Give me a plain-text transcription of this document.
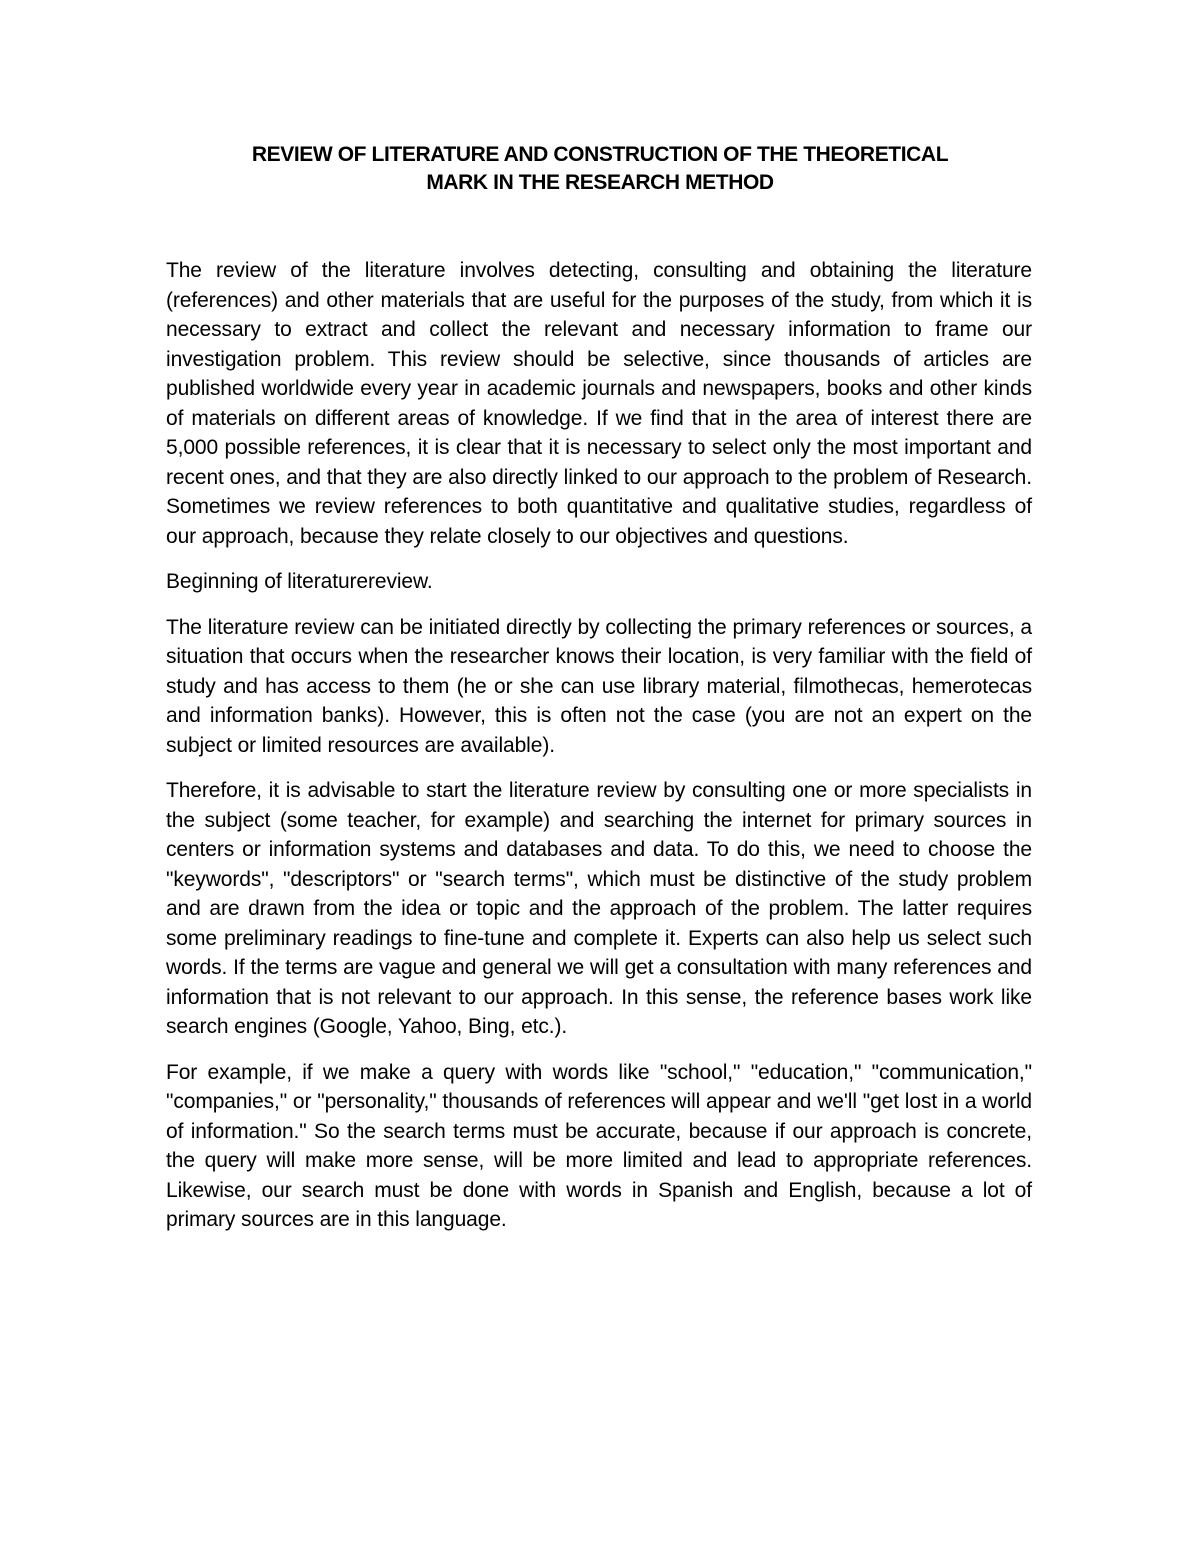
REVIEW OF LITERATURE AND CONSTRUCTION OF THE THEORETICAL
MARK IN THE RESEARCH METHOD

The review of the literature involves detecting, consulting and obtaining the literature (references) and other materials that are useful for the purposes of the study, from which it is necessary to extract and collect the relevant and necessary information to frame our investigation problem. This review should be selective, since thousands of articles are published worldwide every year in academic journals and newspapers, books and other kinds of materials on different areas of knowledge. If we find that in the area of interest there are 5,000 possible references, it is clear that it is necessary to select only the most important and recent ones, and that they are also directly linked to our approach to the problem of Research. Sometimes we review references to both quantitative and qualitative studies, regardless of our approach, because they relate closely to our objectives and questions.

Beginning of literaturereview.

The literature review can be initiated directly by collecting the primary references or sources, a situation that occurs when the researcher knows their location, is very familiar with the field of study and has access to them (he or she can use library material, filmothecas, hemerotecas and information banks). However, this is often not the case (you are not an expert on the subject or limited resources are available).

Therefore, it is advisable to start the literature review by consulting one or more specialists in the subject (some teacher, for example) and searching the internet for primary sources in centers or information systems and databases and data. To do this, we need to choose the "keywords", "descriptors" or "search terms", which must be distinctive of the study problem and are drawn from the idea or topic and the approach of the problem. The latter requires some preliminary readings to fine-tune and complete it. Experts can also help us select such words. If the terms are vague and general we will get a consultation with many references and information that is not relevant to our approach. In this sense, the reference bases work like search engines (Google, Yahoo, Bing, etc.).

For example, if we make a query with words like "school," "education," "communication," "companies," or "personality," thousands of references will appear and we'll "get lost in a world of information." So the search terms must be accurate, because if our approach is concrete, the query will make more sense, will be more limited and lead to appropriate references. Likewise, our search must be done with words in Spanish and English, because a lot of primary sources are in this language.
